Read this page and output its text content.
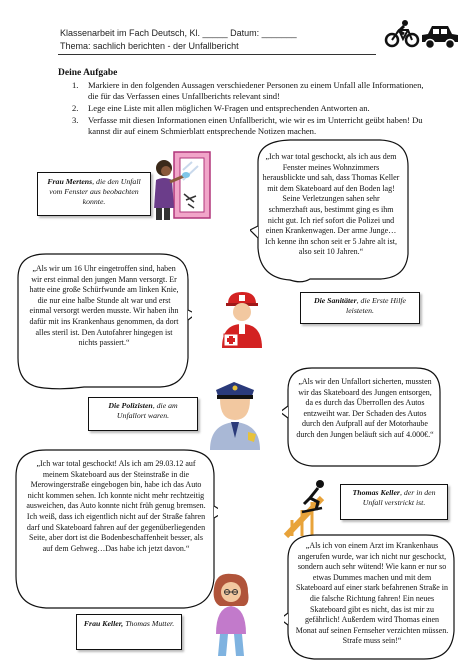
Klassenarbeit im Fach Deutsch, Kl. _____ Datum: _______
Thema: sachlich berichten - der Unfallbericht
Deine Aufgabe
1. Markiere in den folgenden Aussagen verschiedener Personen zu einem Unfall alle Informationen, die für das Verfassen eines Unfallberichts relevant sind!
2. Lege eine Liste mit allen möglichen W-Fragen und entsprechenden Antworten an.
3. Verfasse mit diesen Informationen einen Unfallbericht, wie wir es im Unterricht geübt haben! Du kannst dir auf einem Schmierblatt entsprechende Notizen machen.
Frau Mertens, die den Unfall vom Fenster aus beobachten konnte.
„Ich war total geschockt, als ich aus dem Fenster meines Wohnzimmers herausblickte und sah, dass Thomas Keller mit dem Skateboard auf den Boden lag! Seine Verletzungen sahen sehr schmerzhaft aus, bestimmt ging es ihm nicht gut. Ich rief sofort die Polizei und einen Krankenwagen. Der arme Junge…Ich kenne ihn schon seit er 5 Jahre alt ist, also seit 10 Jahren.“
„Als wir um 16 Uhr eingetroffen sind, haben wir erst einmal den jungen Mann versorgt. Er hatte eine große Schürfwunde am linken Knie, die nur eine halbe Stunde alt war und erst einmal versorgt werden musste. Wir haben ihn dafür mit ins Krankenhaus genommen, da dort alles steril ist. Den Autofahrer hingegen ist nichts passiert.“
Die Sanitäter, die Erste Hilfe leisteten.
Die Polizisten, die am Unfallort waren.
„Als wir den Unfallort sicherten, mussten wir das Skateboard des Jungen entsorgen, da es durch das Überrollen des Autos entzweiht war. Der Schaden des Autos durch den Aufprall auf der Motorhaube durch den Jungen beläuft sich auf 4.000€.“
„Ich war total geschockt! Als ich am 29.03.12 auf meinem Skateboard aus der Steinstraße in die Merowingerstraße eingebogen bin, habe ich das Auto nicht kommen sehen. Ich konnte nicht mehr rechtzeitig ausweichen, das Auto konnte nicht früh genug bremsen. Ich weiß, dass ich eigentlich nicht auf der Straße fahren darf und Skateboard fahren auf der gegenüberliegenden Seite, aber dort ist die Bodenbeschaffenheit besser, als auf dem Gehweg…Das habe ich jetzt davon.“
Thomas Keller, der in den Unfall verstrickt ist.
Frau Keller, Thomas Mutter.
„Als ich von einem Arzt im Krankenhaus angerufen wurde, war ich nicht nur geschockt, sondern auch sehr wütend! Wie kann er nur so etwas Dummes machen und mit dem Skateboard auf einer stark befahrenen Straße in die falsche Richtung fahren! Ein neues Skateboard gibt es nicht, das ist mir zu gefährlich! Außerdem wird Thomas einen Monat auf seinen Fernseher verzichten müssen. Strafe muss sein!“
